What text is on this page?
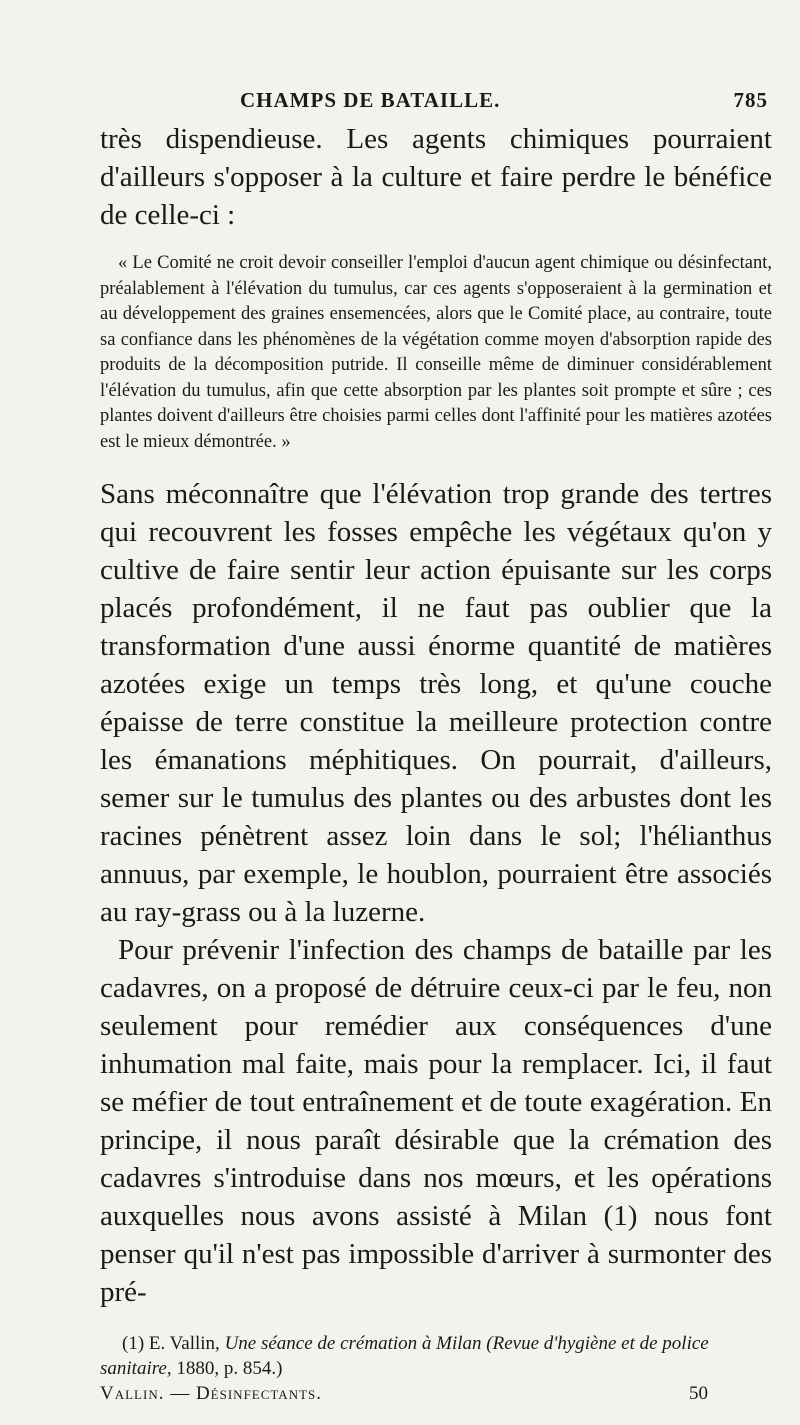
CHAMPS DE BATAILLE.	785

très dispendieuse. Les agents chimiques pourraient d'ailleurs s'opposer à la culture et faire perdre le bénéfice de celle-ci :

« Le Comité ne croit devoir conseiller l'emploi d'aucun agent chimique ou désinfectant, préalablement à l'élévation du tumulus, car ces agents s'opposeraient à la germination et au développement des graines ensemencées, alors que le Comité place, au contraire, toute sa confiance dans les phénomènes de la végétation comme moyen d'absorption rapide des produits de la décomposition putride. Il conseille même de diminuer considérablement l'élévation du tumulus, afin que cette absorption par les plantes soit prompte et sûre ; ces plantes doivent d'ailleurs être choisies parmi celles dont l'affinité pour les matières azotées est le mieux démontrée. »

Sans méconnaître que l'élévation trop grande des tertres qui recouvrent les fosses empêche les végétaux qu'on y cultive de faire sentir leur action épuisante sur les corps placés profondément, il ne faut pas oublier que la transformation d'une aussi énorme quantité de matières azotées exige un temps très long, et qu'une couche épaisse de terre constitue la meilleure protection contre les émanations méphitiques. On pourrait, d'ailleurs, semer sur le tumulus des plantes ou des arbustes dont les racines pénètrent assez loin dans le sol; l'hélianthus annuus, par exemple, le houblon, pourraient être associés au ray-grass ou à la luzerne.

Pour prévenir l'infection des champs de bataille par les cadavres, on a proposé de détruire ceux-ci par le feu, non seulement pour remédier aux conséquences d'une inhumation mal faite, mais pour la remplacer. Ici, il faut se méfier de tout entraînement et de toute exagération. En principe, il nous paraît désirable que la crémation des cadavres s'introduise dans nos mœurs, et les opérations auxquelles nous avons assisté à Milan (1) nous font penser qu'il n'est pas impossible d'arriver à surmonter des pré-

(1) E. Vallin, Une séance de crémation à Milan (Revue d'hygiène et de police sanitaire, 1880, p. 854.)
Vallin. — Désinfectants.	50
